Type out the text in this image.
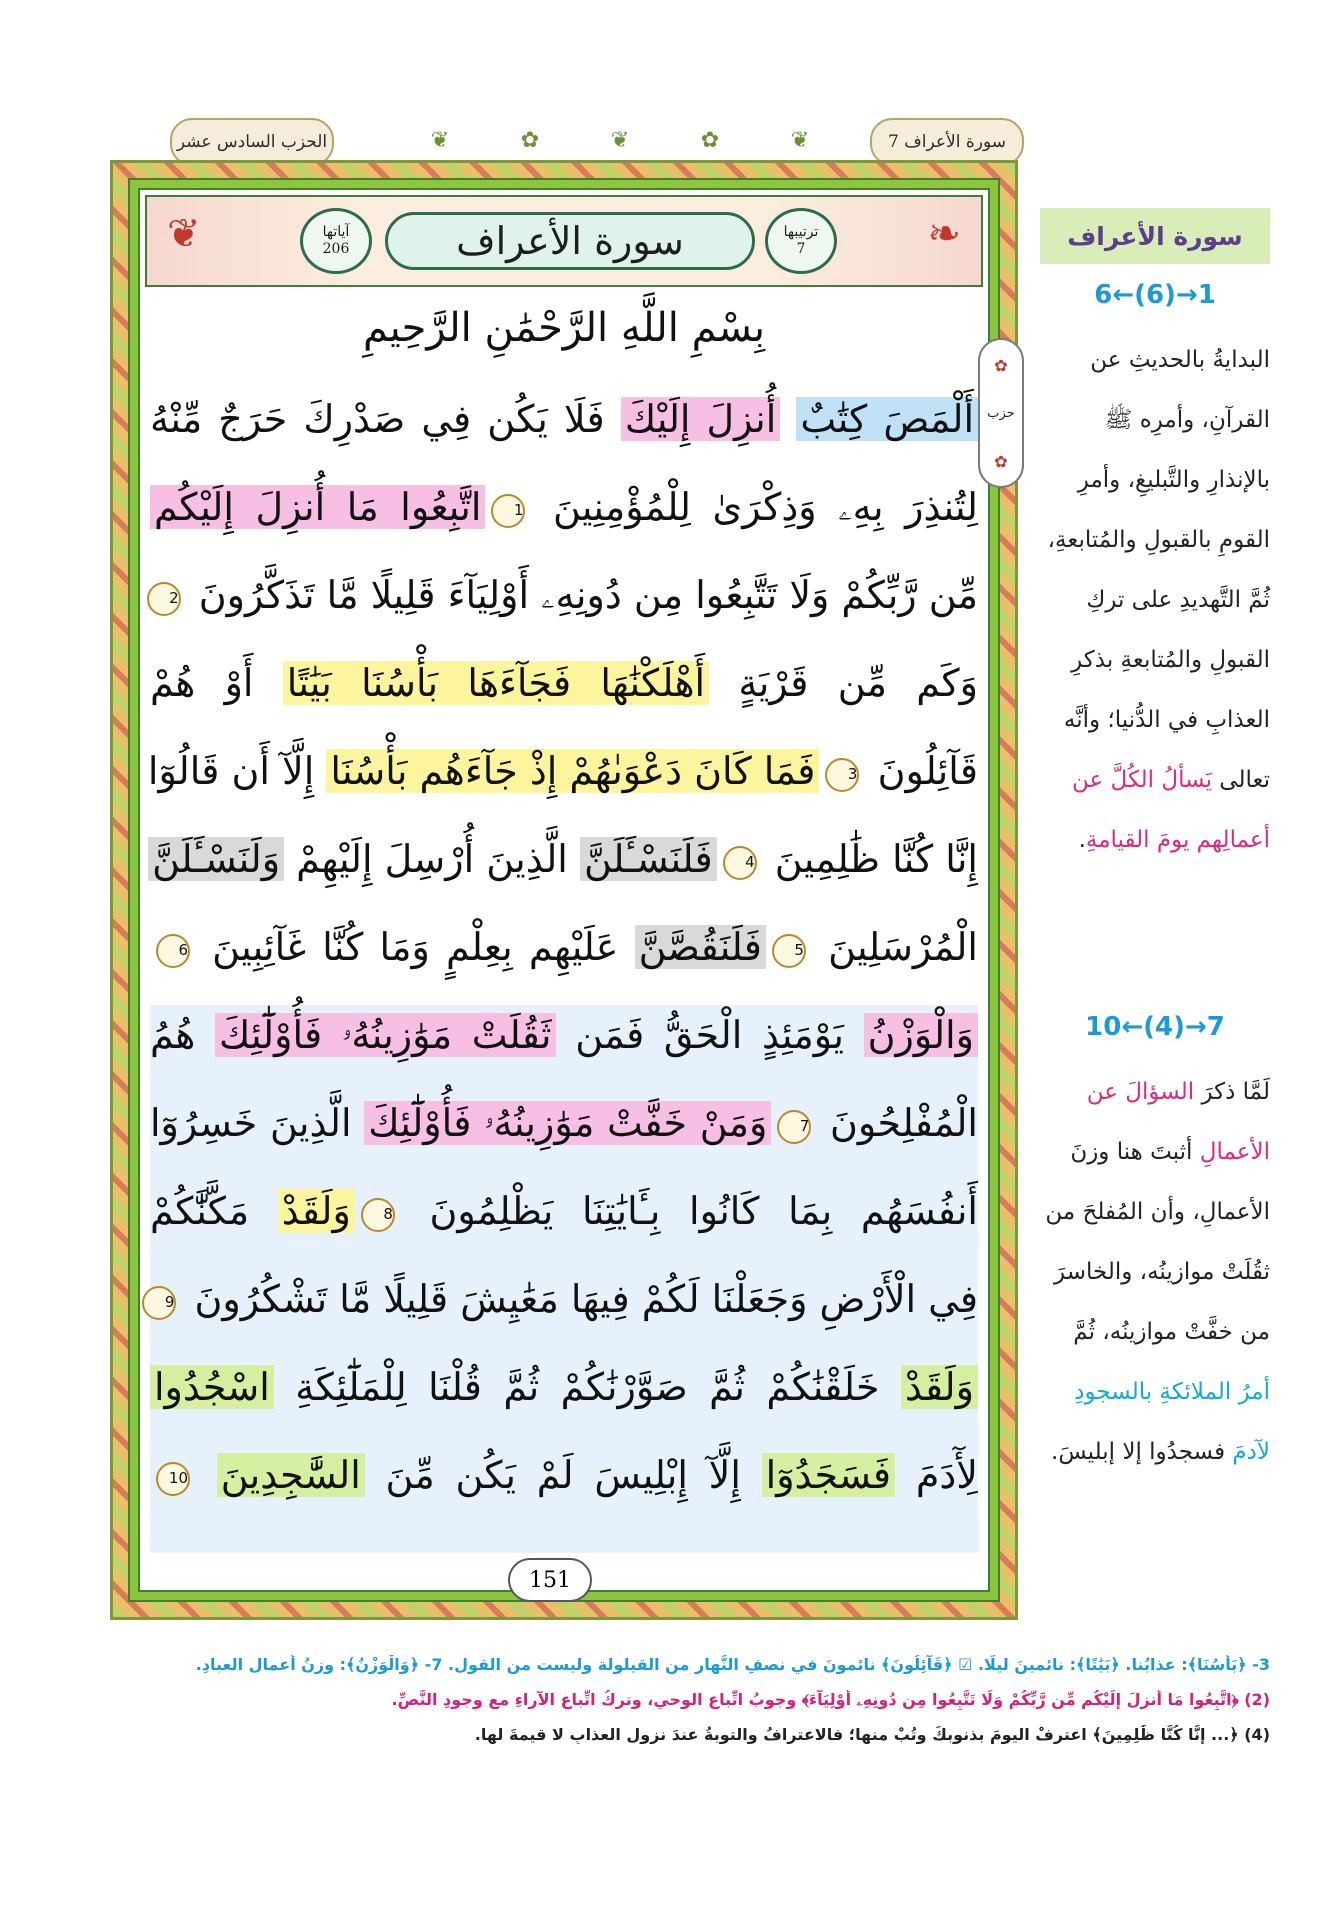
سورة الأعراف 7
❦	✿	❦	✿	❦
الحزب السادس عشر
❦	❧
آياتها
206	سورة الأعراف	ترتيبها
7
بِسْمِ اللَّهِ الرَّحْمَٰنِ الرَّحِيمِ
أَلْمَصَ كِتَٰبٌ أُنزِلَ إِلَيْكَ فَلَا يَكُن فِي صَدْرِكَ حَرَجٌ مِّنْهُ
لِتُنذِرَ بِهِۦ وَذِكْرَىٰ لِلْمُؤْمِنِينَ 1اتَّبِعُوا مَا أُنزِلَ إِلَيْكُم
مِّن رَّبِّكُمْ وَلَا تَتَّبِعُوا مِن دُونِهِۦ أَوْلِيَآءَ قَلِيلًا مَّا تَذَكَّرُونَ 2
وَكَم مِّن قَرْيَةٍ أَهْلَكْنَٰهَا فَجَآءَهَا بَأْسُنَا بَيَٰتًا أَوْ هُمْ
قَآئِلُونَ 3فَمَا كَانَ دَعْوَىٰهُمْ إِذْ جَآءَهُم بَأْسُنَا إِلَّآ أَن قَالُوٓا
إِنَّا كُنَّا ظَٰلِمِينَ 4فَلَنَسْـَٔلَنَّ الَّذِينَ أُرْسِلَ إِلَيْهِمْ وَلَنَسْـَٔلَنَّ
الْمُرْسَلِينَ 5فَلَنَقُصَّنَّ عَلَيْهِم بِعِلْمٍ وَمَا كُنَّا غَآئِبِينَ 6
وَالْوَزْنُ يَوْمَئِذٍ الْحَقُّ فَمَن ثَقُلَتْ مَوَٰزِينُهُۥ فَأُوْلَٰٓئِكَ هُمُ
الْمُفْلِحُونَ 7وَمَنْ خَفَّتْ مَوَٰزِينُهُۥ فَأُوْلَٰٓئِكَ الَّذِينَ خَسِرُوٓا
أَنفُسَهُم بِمَا كَانُوا بِـَٔايَٰتِنَا يَظْلِمُونَ 8وَلَقَدْ مَكَّنَّٰكُمْ
فِي الْأَرْضِ وَجَعَلْنَا لَكُمْ فِيهَا مَعَٰيِشَ قَلِيلًا مَّا تَشْكُرُونَ 9
وَلَقَدْ خَلَقْنَٰكُمْ ثُمَّ صَوَّرْنَٰكُمْ ثُمَّ قُلْنَا لِلْمَلَٰٓئِكَةِ اسْجُدُوا
لِأٓدَمَ فَسَجَدُوٓا إِلَّآ إِبْلِيسَ لَمْ يَكُن مِّنَ السَّٰجِدِينَ 10
151
✿
حزب
✿
سورة الأعراف
6←(6)→1

البدايةُ بالحديثِ عن القرآنِ، وأمرِه ﷺ بالإنذارِ والتَّبليغِ، وأمرِ القومِ بالقبولِ والمُتابعةِ، ثُمَّ التَّهديدِ على تركِ القبولِ والمُتابعةِ بذكرِ العذابِ في الدُّنيا؛ وأنَّه تعالى يَسألُ الكُلَّ عن أعمالِهم يومَ القيامةِ.

10←(4)→7

لَمَّا ذكرَ السؤالَ عن الأعمالِ أثبتَ هنا وزنَ الأعمالِ، وأن المُفلحَ من ثقُلَتْ موازينُه، والخاسرَ من خفَّتْ موازينُه، ثُمَّ أمرُ الملائكةِ بالسجودِ لآدمَ فسجدُوا إلا إبليسَ.

3- ﴿بَأْسُنَا﴾: عذابُنا. ﴿بَيَٰتًا﴾: نائمينَ ليلًا. ☑ ﴿قَآئِلُونَ﴾ نائمونَ في نصفِ النَّهارِ من القيلولة وليست من القول. 7- ﴿وَالْوَزْنُ﴾: وزنُ أعمالِ العبادِ.
(2) ﴿اتَّبِعُوا مَا أُنزِلَ إِلَيْكُم مِّن رَّبِّكُمْ وَلَا تَتَّبِعُوا مِن دُونِهِۦ أَوْلِيَآءَ﴾ وجوبُ اتِّباعِ الوحيِ، وتركُ اتِّباعِ الآراءِ مع وجودِ النَّصِّ.
(4) ﴿... إِنَّا كُنَّا ظَٰلِمِينَ﴾ اعترفْ اليومَ بذنوبِكَ وتُبْ منها؛ فالاعترافُ والتوبةُ عندَ نزولِ العذابِ لا قيمةَ لها.
